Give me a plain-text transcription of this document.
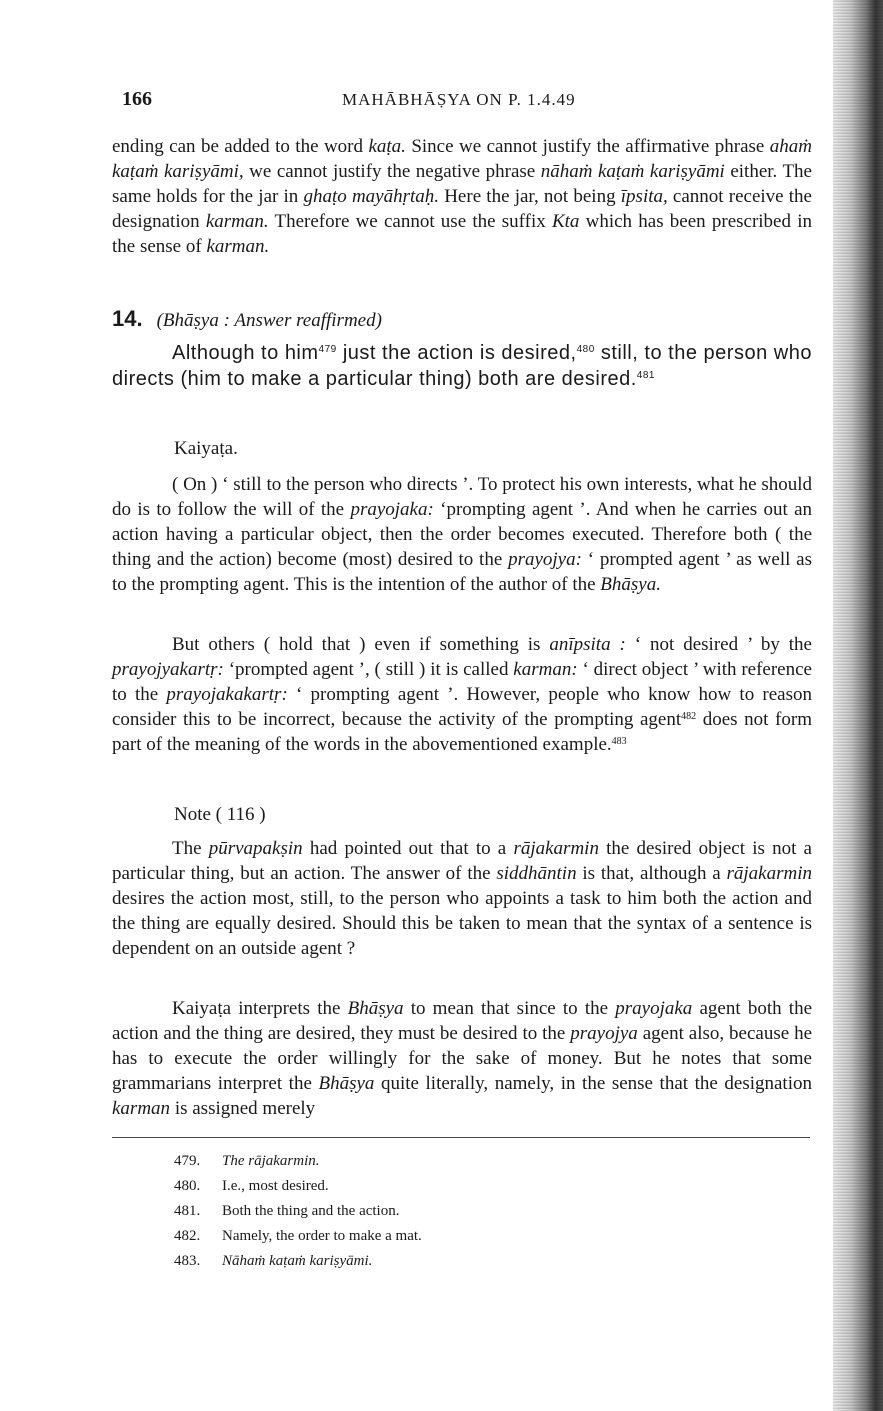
166	MAHĀBHĀṢYA ON P. 1.4.49

ending can be added to the word kaṭa. Since we cannot justify the affirmative phrase ahaṁ kaṭaṁ kariṣyāmi, we cannot justify the negative phrase nāhaṁ kaṭaṁ kariṣyāmi either. The same holds for the jar in ghaṭo mayāhṛtaḥ. Here the jar, not being īpsita, cannot receive the designation karman. Therefore we cannot use the suffix Kta which has been prescribed in the sense of karman.

14. (Bhāṣya : Answer reaffirmed)

Although to him$^{479}$ just the action is desired,$^{480}$ still, to the person who directs (him to make a particular thing) both are desired.$^{481}$

Kaiyaṭa.

( On ) ‘ still to the person who directs ’. To protect his own interests, what he should do is to follow the will of the prayojaka: ‘prompting agent ’. And when he carries out an action having a particular object, then the order becomes executed. Therefore both ( the thing and the action) become (most) desired to the prayojya: ‘ prompted agent ’ as well as to the prompting agent. This is the intention of the author of the Bhāṣya.

But others ( hold that ) even if something is anīpsita : ‘ not desired ’ by the prayojyakartṛ: ‘prompted agent ’, ( still ) it is called karman: ‘ direct object ’ with reference to the prayojakakartṛ: ‘ prompting agent ’. However, people who know how to reason consider this to be incorrect, because the activity of the prompting agent$^{482}$ does not form part of the meaning of the words in the abovementioned example.$^{483}$

Note ( 116 )

The pūrvapakṣin had pointed out that to a rājakarmin the desired object is not a particular thing, but an action. The answer of the siddhāntin is that, although a rājakarmin desires the action most, still, to the person who appoints a task to him both the action and the thing are equally desired. Should this be taken to mean that the syntax of a sentence is dependent on an outside agent ?

Kaiyaṭa interprets the Bhāṣya to mean that since to the prayojaka agent both the action and the thing are desired, they must be desired to the prayojya agent also, because he has to execute the order willingly for the sake of money. But he notes that some grammarians interpret the Bhāṣya quite literally, namely, in the sense that the designation karman is assigned merely

479. The rājakarmin.
480. I.e., most desired.
481. Both the thing and the action.
482. Namely, the order to make a mat.
483. Nāhaṁ kaṭaṁ kariṣyāmi.
